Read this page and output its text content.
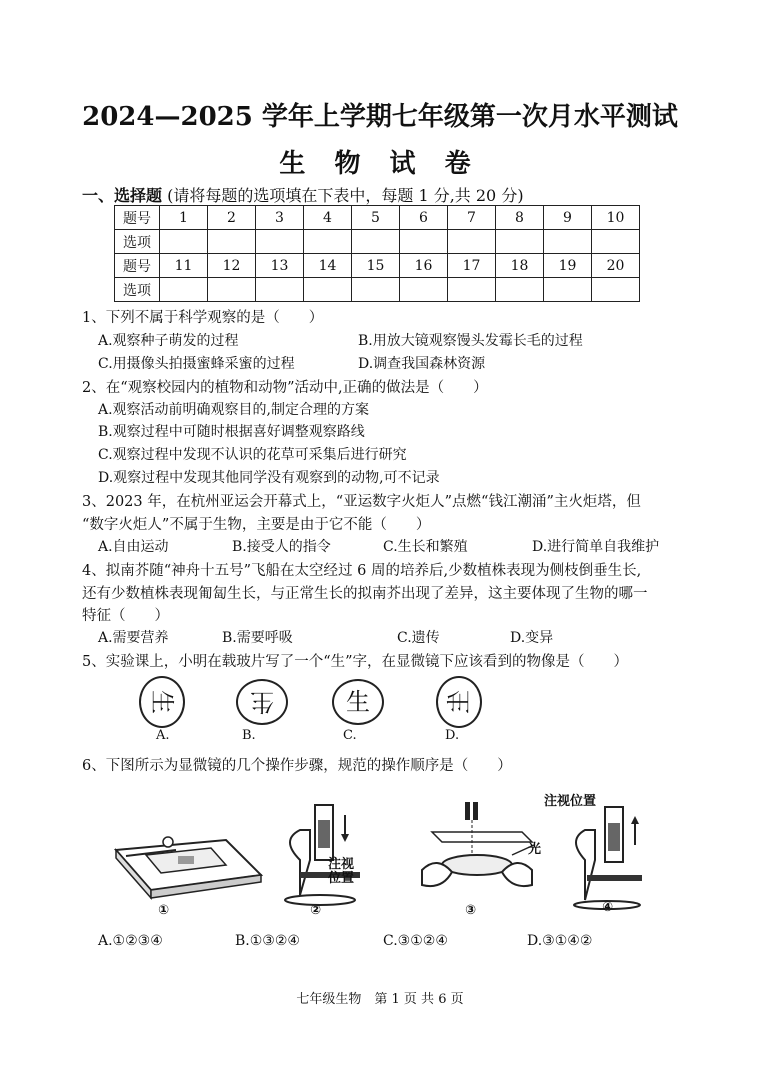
2024—2025 学年上学期七年级第一次月水平测试
生 物 试 卷
一、选择题 (请将每题的选项填在下表中，每题 1 分,共 20 分)
题号	1	2	3	4	5	6	7	8	9	10
选项										
题号	11	12	13	14	15	16	17	18	19	20
选项										
1、下列不属于科学观察的是（　　）
A.观察种子萌发的过程	B.用放大镜观察馒头发霉长毛的过程
C.用摄像头拍摄蜜蜂采蜜的过程	D.调查我国森林资源
2、在“观察校园内的植物和动物”活动中,正确的做法是（　　）
A.观察活动前明确观察目的,制定合理的方案
B.观察过程中可随时根据喜好调整观察路线
C.观察过程中发现不认识的花草可采集后进行研究
D.观察过程中发现其他同学没有观察到的动物,可不记录
3、2023 年，在杭州亚运会开幕式上，“亚运数字火炬人”点燃“钱江潮涌”主火炬塔，但
“数字火炬人”不属于生物，主要是由于它不能（　　）
A.自由运动	B.接受人的指令	C.生长和繁殖	D.进行简单自我维护
4、拟南芥随“神舟十五号”飞船在太空经过 6 周的培养后,少数植株表现为侧枝倒垂生长,
还有少数植株表现匍匐生长，与正常生长的拟南芥出现了差异，这主要体现了生物的哪一
特征（　　）
A.需要营养	B.需要呼吸	C.遗传	D.变异
5、实验课上，小明在载玻片写了一个“生”字，在显微镜下应该看到的物像是（　　）
生	生	生	生
A.	B.	C.	D.
6、下图所示为显微镜的几个操作步骤，规范的操作顺序是（　　）
①
注视位置
②
光
③
注视位置
④
A.①②③④	B.①③②④	C.③①②④	D.③①④②
七年级生物　第 1 页 共 6 页
